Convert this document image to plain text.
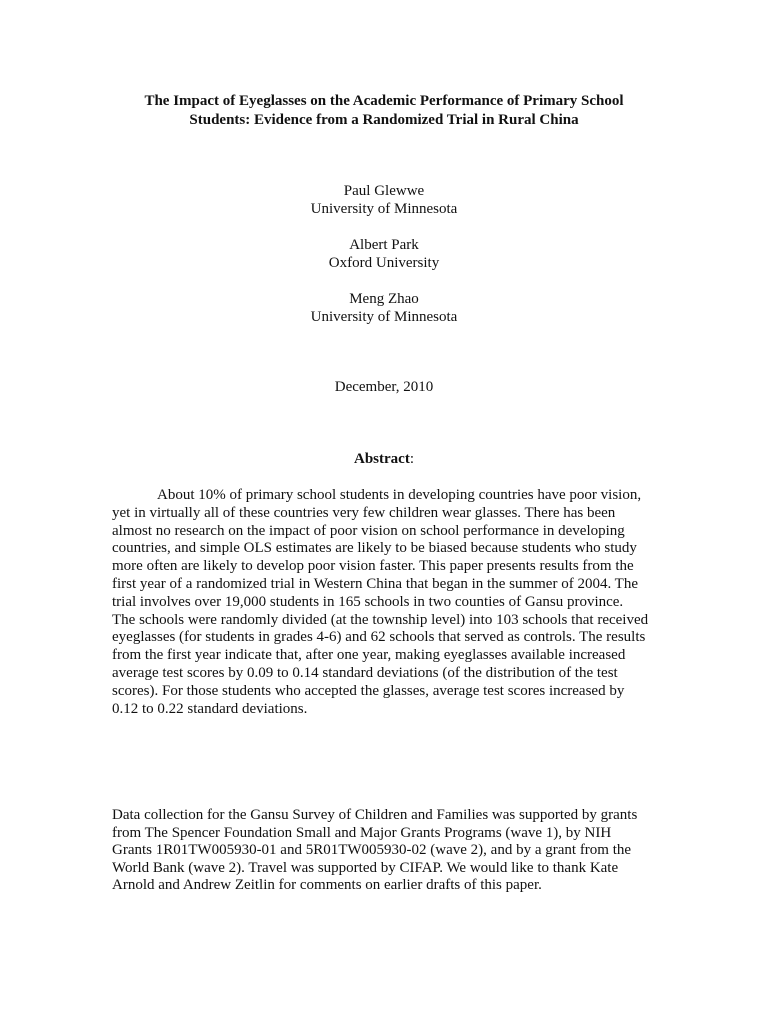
The Impact of Eyeglasses on the Academic Performance of Primary School
Students: Evidence from a Randomized Trial in Rural China
Paul Glewwe
University of Minnesota
Albert Park
Oxford University
Meng Zhao
University of Minnesota
December, 2010
Abstract:
About 10% of primary school students in developing countries have poor vision,
yet in virtually all of these countries very few children wear glasses. There has been
almost no research on the impact of poor vision on school performance in developing
countries, and simple OLS estimates are likely to be biased because students who study
more often are likely to develop poor vision faster. This paper presents results from the
first year of a randomized trial in Western China that began in the summer of 2004. The
trial involves over 19,000 students in 165 schools in two counties of Gansu province.
The schools were randomly divided (at the township level) into 103 schools that received
eyeglasses (for students in grades 4-6) and 62 schools that served as controls. The results
from the first year indicate that, after one year, making eyeglasses available increased
average test scores by 0.09 to 0.14 standard deviations (of the distribution of the test
scores). For those students who accepted the glasses, average test scores increased by
0.12 to 0.22 standard deviations.
Data collection for the Gansu Survey of Children and Families was supported by grants
from The Spencer Foundation Small and Major Grants Programs (wave 1), by NIH
Grants 1R01TW005930-01 and 5R01TW005930-02 (wave 2), and by a grant from the
World Bank (wave 2). Travel was supported by CIFAP. We would like to thank Kate
Arnold and Andrew Zeitlin for comments on earlier drafts of this paper.
